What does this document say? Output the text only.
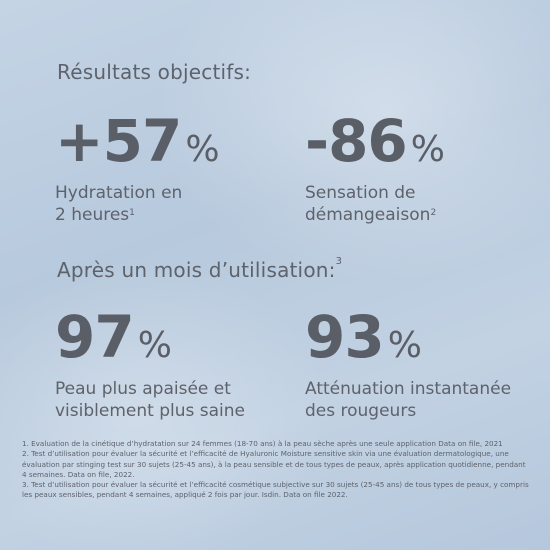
Résultats objectifs:
+57 %
Hydratation en
2 heures$^1$
-86 %
Sensation de
démangeaison$^2$
Après un mois d’utilisation:$^3$
97 %
Peau plus apaisée et
visiblement plus saine
93 %
Atténuation instantanée
des rougeurs

1. Evaluation de la cinétique d’hydratation sur 24 femmes (18-70 ans) à la peau sèche après une seule application Data on file, 2021

2. Test d’utilisation pour évaluer la sécurité et l’efficacité de Hyaluronic Moisture sensitive skin via une évaluation dermatologique, une évaluation par stinging test sur 30 sujets (25-45 ans), à la peau sensible et de tous types de peaux, après application quotidienne, pendant 4 semaines. Data on file, 2022.

3. Test d’utilisation pour évaluer la sécurité et l’efficacité cosmétique subjective sur 30 sujets (25-45 ans) de tous types de peaux, y compris les peaux sensibles, pendant 4 semaines, appliqué 2 fois par jour. Isdin. Data on file 2022.
